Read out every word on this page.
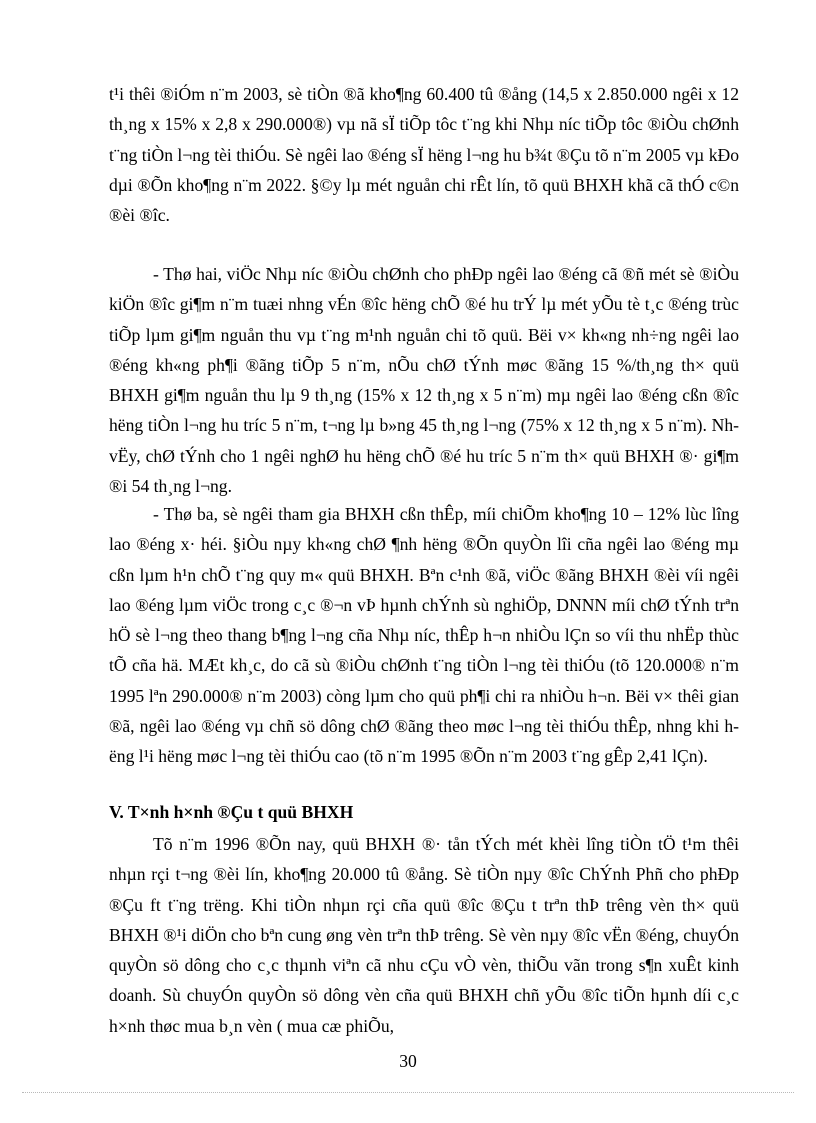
t¹i thêi ®iÓm n¨m 2003, sè tiÒn ®ã kho¶ng 60.400 tû ®ång (14,5 x 2.850.000 ngêi x 12 th¸ng x 15% x 2,8 x 290.000®) vµ nã sÏ tiÕp tôc t¨ng khi Nhµ níc tiÕp tôc ®iÒu chØnh t¨ng tiÒn l¬ng tèi thiÓu. Sè ngêi lao ®éng sÏ hëng l¬ng hu b¾t ®Çu tõ n¨m 2005 vµ kÐo dµi ®Õn kho¶ng n¨m 2022. §©y lµ mét nguån chi rÊt lín, tõ quü BHXH khã cã thÓ c©n ®èi ®îc.

- Thø hai, viÖc Nhµ níc ®iÒu chØnh cho phÐp ngêi lao ®éng cã ®ñ mét sè ®iÒu kiÖn ®îc gi¶m n¨m tuæi nhng vÉn ®îc hëng chÕ ®é hu trÝ lµ mét yÕu tè t¸c ®éng trùc tiÕp lµm gi¶m nguån thu vµ t¨ng m¹nh nguån chi tõ quü. Bëi v× kh«ng nh÷ng ngêi lao ®éng kh«ng ph¶i ®ãng tiÕp 5 n¨m, nÕu chØ tÝnh møc ®ãng 15 %/th¸ng th× quü BHXH gi¶m nguån thu lµ 9 th¸ng (15% x 12 th¸ng x 5 n¨m) mµ ngêi lao ®éng cßn ®îc hëng tiÒn l¬ng hu tríc 5 n¨m, t¬ng lµ b»ng 45 th¸ng l¬ng (75% x 12 th¸ng x 5 n¨m). Nh vËy, chØ tÝnh cho 1 ngêi nghØ hu hëng chÕ ®é hu tríc 5 n¨m th× quü BHXH ®· gi¶m ®i 54 th¸ng l¬ng.

- Thø ba, sè ngêi tham gia BHXH cßn thÊp, míi chiÕm kho¶ng 10 – 12% lùc lîng lao ®éng x· héi. §iÒu nµy kh«ng chØ ¶nh hëng ®Õn quyÒn lîi cña ngêi lao ®éng mµ cßn lµm h¹n chÕ t¨ng quy m« quü BHXH. Bªn c¹nh ®ã, viÖc ®ãng BHXH ®èi víi ngêi lao ®éng lµm viÖc trong c¸c ®¬n vÞ hµnh chÝnh sù nghiÖp, DNNN míi chØ tÝnh trªn hÖ sè l¬ng theo thang b¶ng l¬ng cña Nhµ níc, thÊp h¬n nhiÒu lÇn so víi thu nhËp thùc tÕ cña hä. MÆt kh¸c, do cã sù ®iÒu chØnh t¨ng tiÒn l¬ng tèi thiÓu (tõ 120.000® n¨m 1995 lªn 290.000® n¨m 2003) còng lµm cho quü ph¶i chi ra nhiÒu h¬n. Bëi v× thêi gian ®ã, ngêi lao ®éng vµ chñ sö dông chØ ®ãng theo møc l¬ng tèi thiÓu thÊp, nhng khi hëng l¹i hëng møc l¬ng tèi thiÓu cao (tõ n¨m 1995 ®Õn n¨m 2003 t¨ng gÊp 2,41 lÇn).

V. T×nh h×nh ®Çu t quü BHXH

Tõ n¨m 1996 ®Õn nay, quü BHXH ®· tån tÝch mét khèi lîng tiÒn tÖ t¹m thêi nhµn rçi t¬ng ®èi lín, kho¶ng 20.000 tû ®ång. Sè tiÒn nµy ®îc ChÝnh Phñ cho phÐp ®Çu ft t¨ng trëng. Khi tiÒn nhµn rçi cña quü ®îc ®Çu t trªn thÞ trêng vèn th× quü BHXH ®¹i diÖn cho bªn cung øng vèn trªn thÞ trêng. Sè vèn nµy ®îc vËn ®éng, chuyÓn quyÒn sö dông cho c¸c thµnh viªn cã nhu cÇu vÒ vèn, thiÕu vãn trong s¶n xuÊt kinh doanh. Sù chuyÓn quyÒn sö dông vèn cña quü BHXH chñ yÕu ®îc tiÕn hµnh díi c¸c h×nh thøc mua b¸n vèn ( mua cæ phiÕu,

30
